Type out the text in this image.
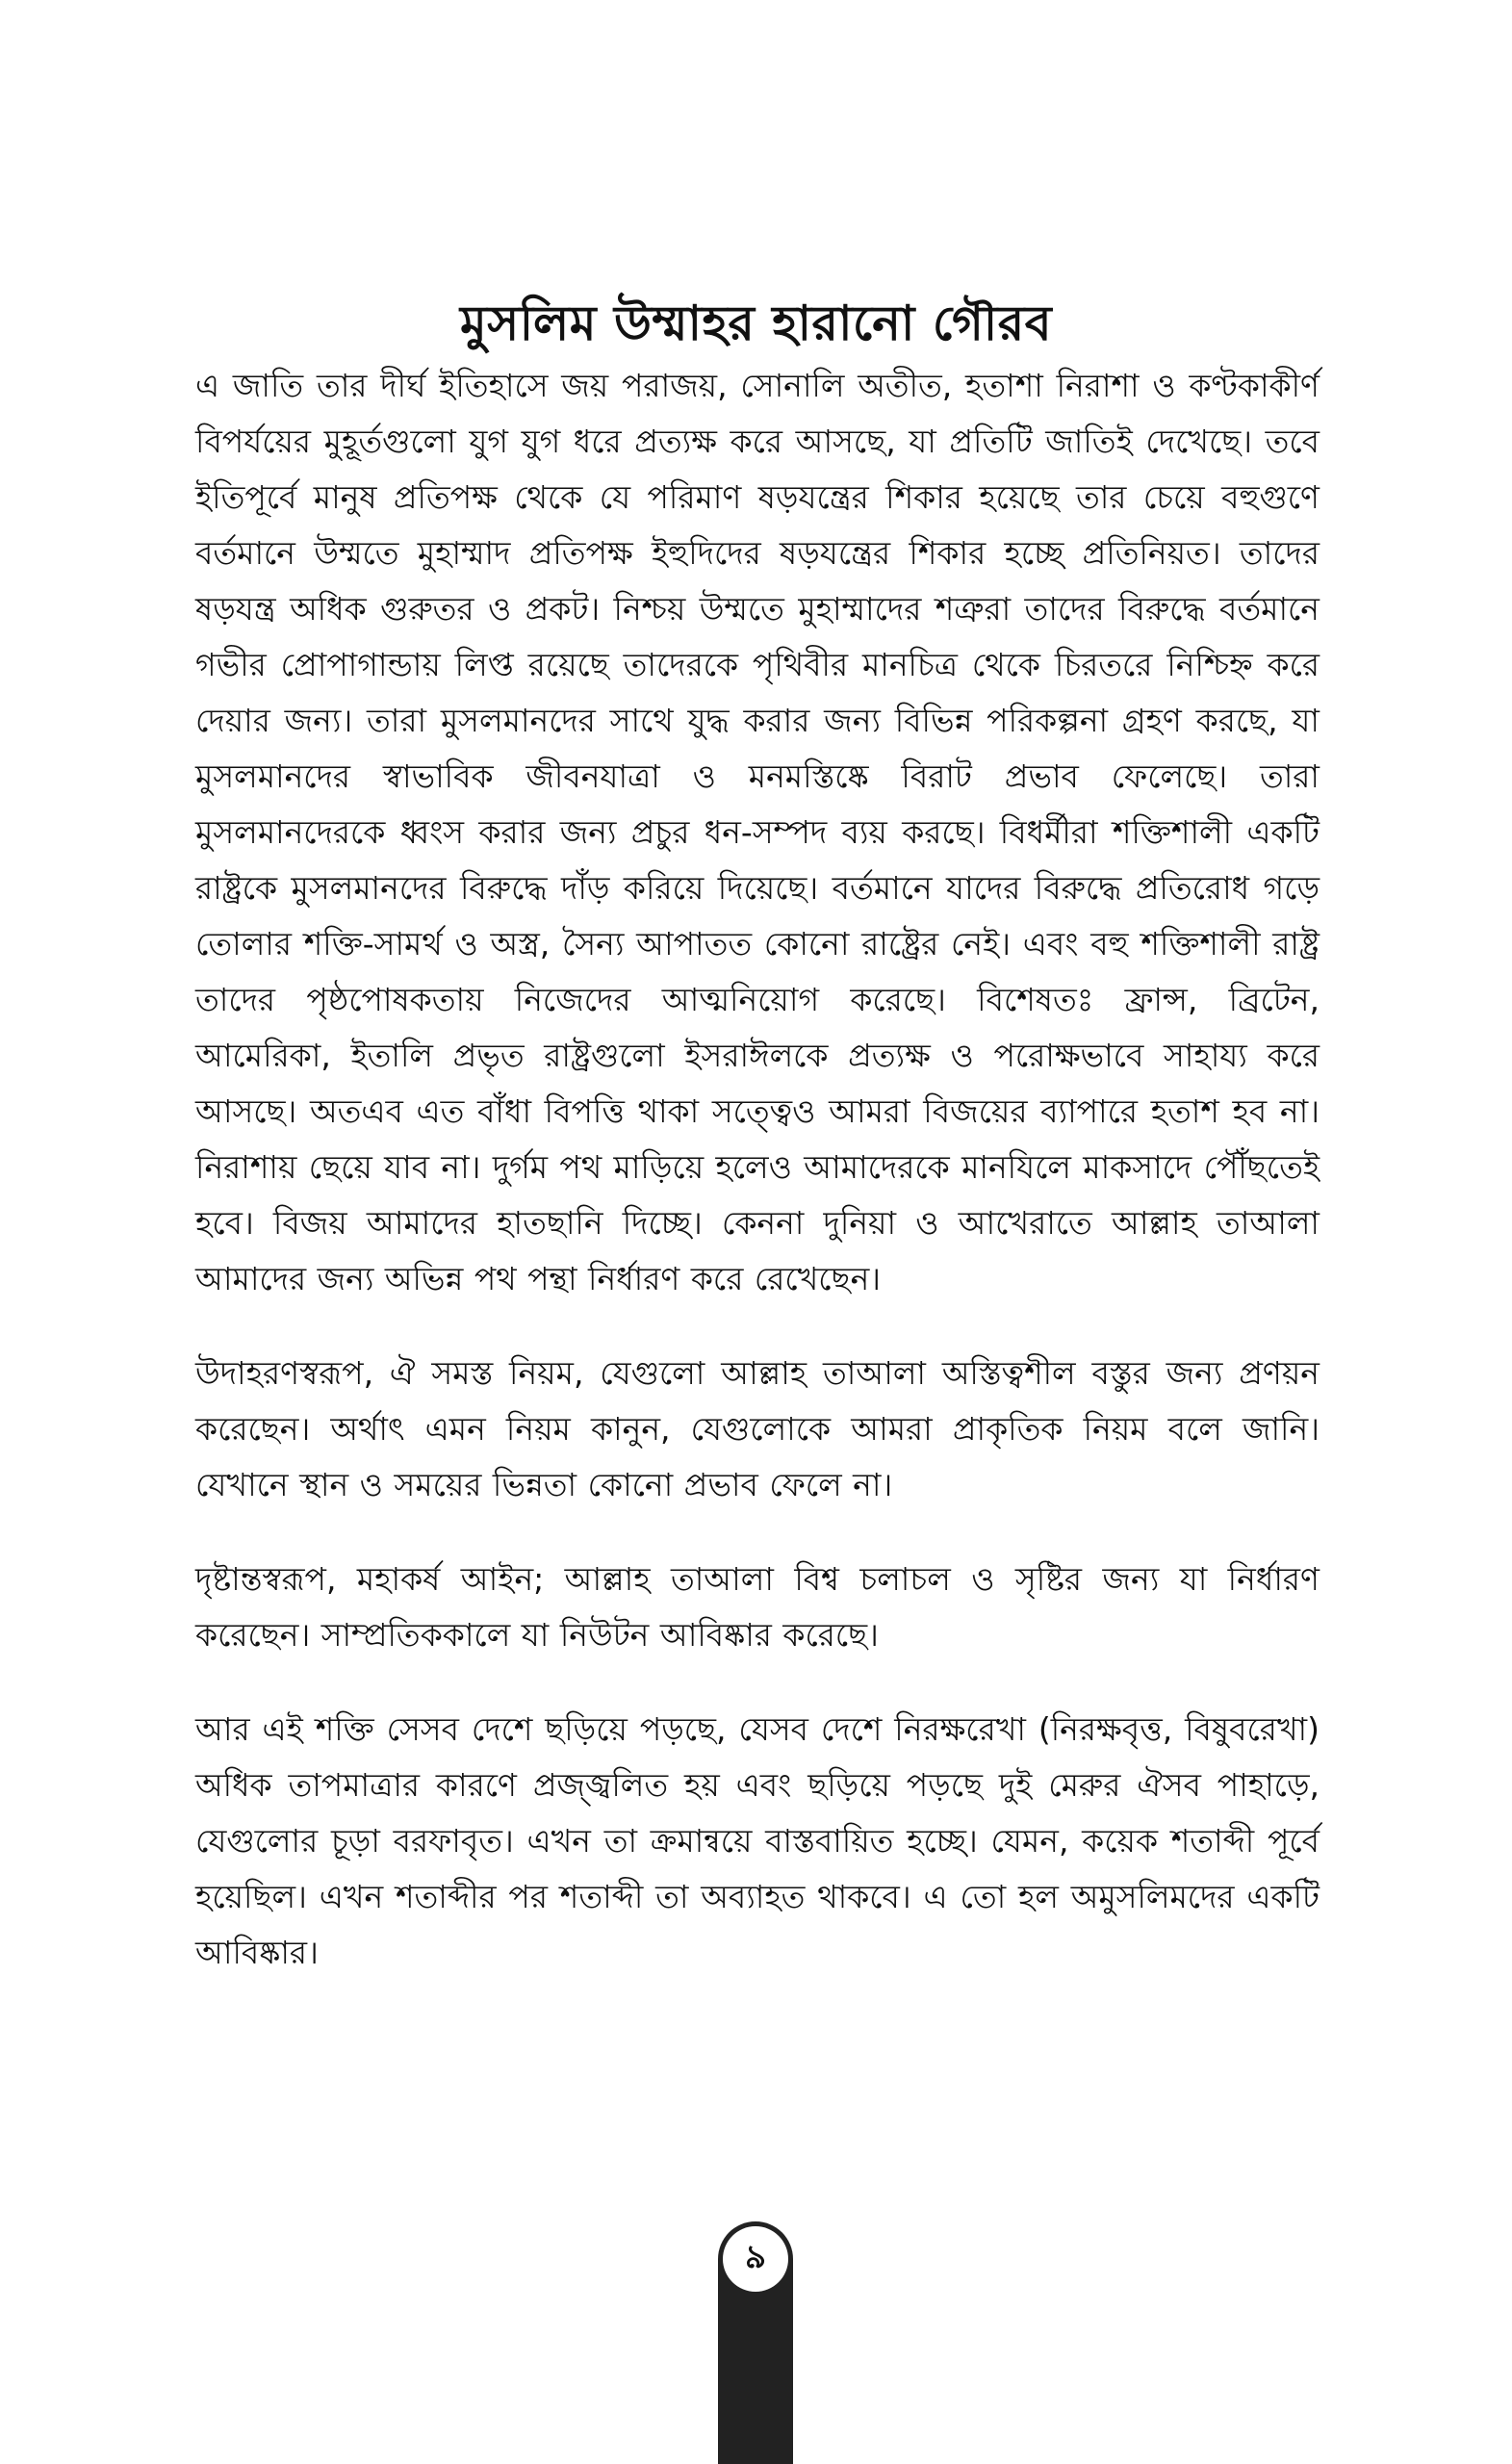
মুসলিম উম্মাহর হারানো গৌরব

এ জাতি তার দীর্ঘ ইতিহাসে জয় পরাজয়, সোনালি অতীত, হতাশা নিরাশা ও কণ্টকাকীর্ণ বিপর্যয়ের মুহূর্তগুলো যুগ যুগ ধরে প্রত্যক্ষ করে আসছে, যা প্রতিটি জাতিই দেখেছে। তবে ইতিপূর্বে মানুষ প্রতিপক্ষ থেকে যে পরিমাণ ষড়যন্ত্রের শিকার হয়েছে তার চেয়ে বহুগুণে বর্তমানে উম্মতে মুহাম্মাদ প্রতিপক্ষ ইহুদিদের ষড়যন্ত্রের শিকার হচ্ছে প্রতিনিয়ত। তাদের ষড়যন্ত্র অধিক গুরুতর ও প্রকট। নিশ্চয় উম্মতে মুহাম্মাদের শত্রুরা তাদের বিরুদ্ধে বর্তমানে গভীর প্রোপাগান্ডায় লিপ্ত রয়েছে তাদেরকে পৃথিবীর মানচিত্র থেকে চিরতরে নিশ্চিহ্ন করে দেয়ার জন্য। তারা মুসলমানদের সাথে যুদ্ধ করার জন্য বিভিন্ন পরিকল্পনা গ্রহণ করছে, যা মুসলমানদের স্বাভাবিক জীবনযাত্রা ও মনমস্তিষ্কে বিরাট প্রভাব ফেলেছে। তারা মুসলমানদেরকে ধ্বংস করার জন্য প্রচুর ধন-সম্পদ ব্যয় করছে। বিধর্মীরা শক্তিশালী একটি রাষ্ট্রকে মুসলমানদের বিরুদ্ধে দাঁড় করিয়ে দিয়েছে। বর্তমানে যাদের বিরুদ্ধে প্রতিরোধ গড়ে তোলার শক্তি-সামর্থ ও অস্ত্র, সৈন্য আপাতত কোনো রাষ্ট্রের নেই। এবং বহু শক্তিশালী রাষ্ট্র তাদের পৃষ্ঠপোষকতায় নিজেদের আত্মনিয়োগ করেছে। বিশেষতঃ ফ্রান্স, ব্রিটেন, আমেরিকা, ইতালি প্রভৃত রাষ্ট্রগুলো ইসরাঈলকে প্রত্যক্ষ ও পরোক্ষভাবে সাহায্য করে আসছে। অতএব এত বাঁধা বিপত্তি থাকা সত্ত্বেও আমরা বিজয়ের ব্যাপারে হতাশ হব না। নিরাশায় ছেয়ে যাব না। দুর্গম পথ মাড়িয়ে হলেও আমাদেরকে মানযিলে মাকসাদে পৌঁছতেই হবে। বিজয় আমাদের হাতছানি দিচ্ছে। কেননা দুনিয়া ও আখেরাতে আল্লাহ তাআলা আমাদের জন্য অভিন্ন পথ পন্থা নির্ধারণ করে রেখেছেন।

উদাহরণস্বরূপ, ঐ সমস্ত নিয়ম, যেগুলো আল্লাহ তাআলা অস্তিত্বশীল বস্তুর জন্য প্রণয়ন করেছেন। অর্থাৎ এমন নিয়ম কানুন, যেগুলোকে আমরা প্রাকৃতিক নিয়ম বলে জানি। যেখানে স্থান ও সময়ের ভিন্নতা কোনো প্রভাব ফেলে না।

দৃষ্টান্তস্বরূপ, মহাকর্ষ আইন; আল্লাহ তাআলা বিশ্ব চলাচল ও সৃষ্টির জন্য যা নির্ধারণ করেছেন। সাম্প্রতিককালে যা নিউটন আবিষ্কার করেছে।

আর এই শক্তি সেসব দেশে ছড়িয়ে পড়ছে, যেসব দেশে নিরক্ষরেখা (নিরক্ষবৃত্ত, বিষুবরেখা) অধিক তাপমাত্রার কারণে প্রজ্জ্বলিত হয় এবং ছড়িয়ে পড়ছে দুই মেরুর ঐসব পাহাড়ে, যেগুলোর চূড়া বরফাবৃত। এখন তা ক্রমান্বয়ে বাস্তবায়িত হচ্ছে। যেমন, কয়েক শতাব্দী পূর্বে হয়েছিল। এখন শতাব্দীর পর শতাব্দী তা অব্যাহত থাকবে। এ তো হল অমুসলিমদের একটি আবিষ্কার।

৯
